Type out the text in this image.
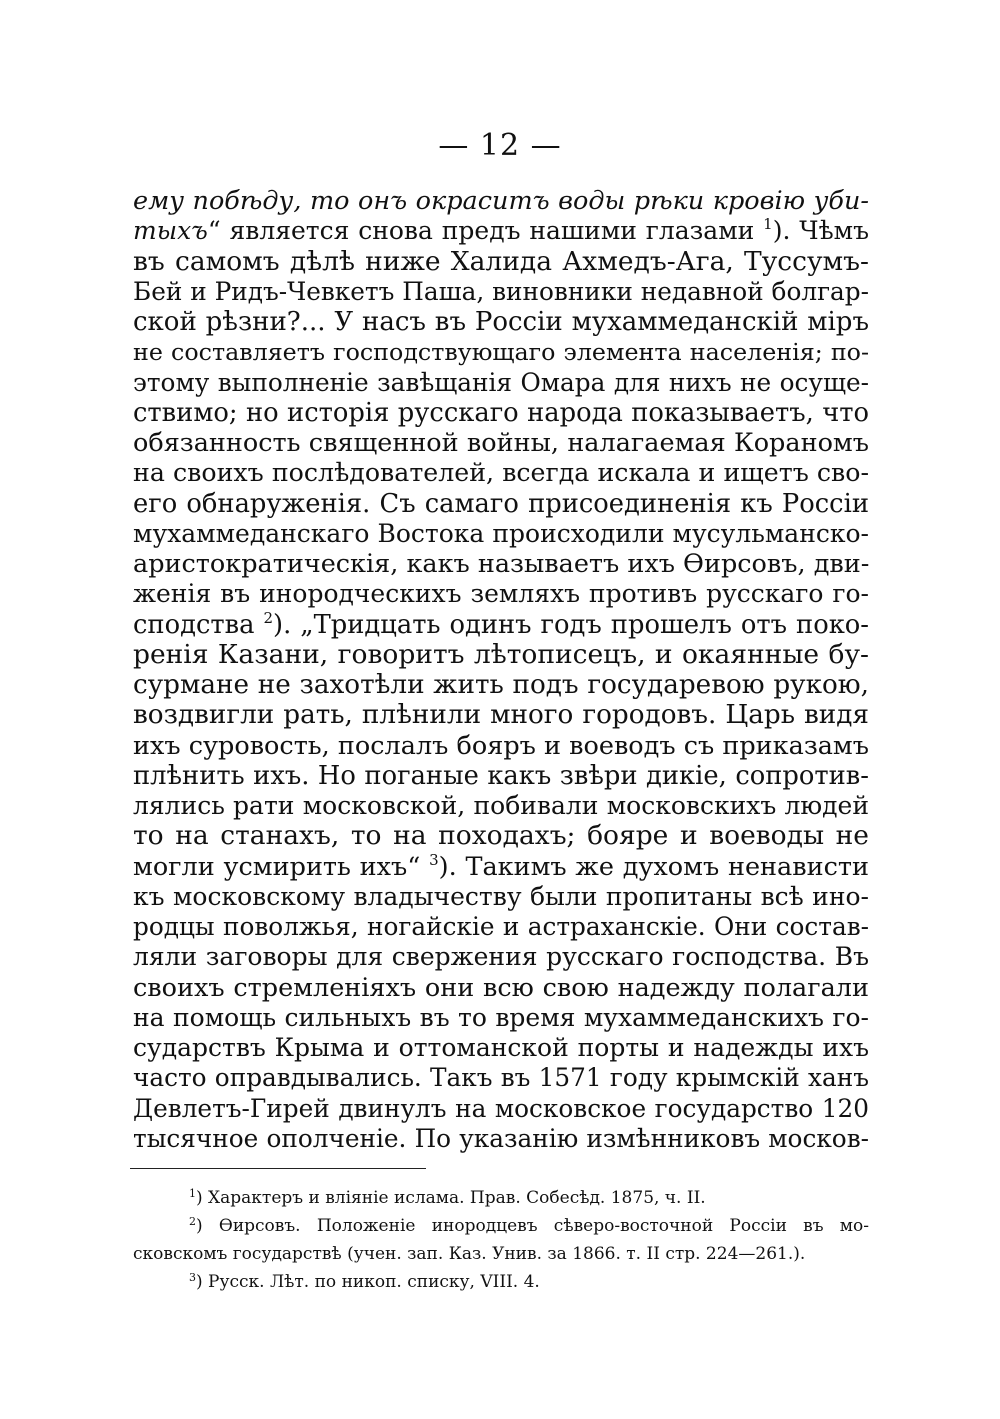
— 12 —
ему побѣду, то онъ окраситъ воды рѣки кровію уби-
тыхъ“ является снова предъ нашими глазами $^1$). Чѣмъ
въ самомъ дѣлѣ ниже Халида Ахмедъ-Ага, Туссумъ-
Бей и Ридъ-Чевкетъ Паша, виновники недавной болгар-
ской рѣзни?... У насъ въ Россіи мухаммеданскій міръ
не составляетъ господствующаго элемента населенія; по-
этому выполненіе завѣщанія Омара для нихъ не осуще-
ствимо; но исторія русскаго народа показываетъ, что
обязанность священной войны, налагаемая Кораномъ
на своихъ послѣдователей, всегда искала и ищетъ сво-
его обнаруженія. Съ самаго присоединенія къ Россіи
мухаммеданскаго Востока происходили мусульманско-
аристократическія, какъ называетъ ихъ Ѳирсовъ, дви-
женія въ инородческихъ земляхъ противъ русскаго го-
сподства $^2$). „Тридцать одинъ годъ прошелъ отъ поко-
ренія Казани, говоритъ лѣтописецъ, и окаянные бу-
сурмане не захотѣли жить подъ государевою рукою,
воздвигли рать, плѣнили много городовъ. Царь видя
ихъ суровость, послалъ бояръ и воеводъ съ приказамъ
плѣнить ихъ. Но поганые какъ звѣри дикіе, сопротив-
лялись рати московской, побивали московскихъ людей
то на станахъ, то на походахъ; бояре и воеводы не
могли усмирить ихъ“ $^3$). Такимъ же духомъ ненависти
къ московскому владычеству были пропитаны всѣ ино-
родцы поволжья, ногайскіе и астраханскіе. Они состав-
ляли заговоры для свержения русскаго господства. Въ
своихъ стремленіяхъ они всю свою надежду полагали
на помощь сильныхъ въ то время мухаммеданскихъ го-
сударствъ Крыма и оттоманской порты и надежды ихъ
часто оправдывались. Такъ въ 1571 году крымскій ханъ
Девлетъ-Гирей двинулъ на московское государство 120
тысячное ополченіе. По указанію измѣнниковъ москов-
$^1$) Характеръ и вліяніе ислама. Прав. Собесѣд. 1875, ч. II.
$^2$) Ѳирсовъ. Положеніе инородцевъ сѣверо-восточной Россіи въ мо-
сковскомъ государствѣ (учен. зап. Каз. Унив. за 1866. т. II стр. 224—261.).
$^3$) Русск. Лѣт. по никоп. списку, VIII. 4.
